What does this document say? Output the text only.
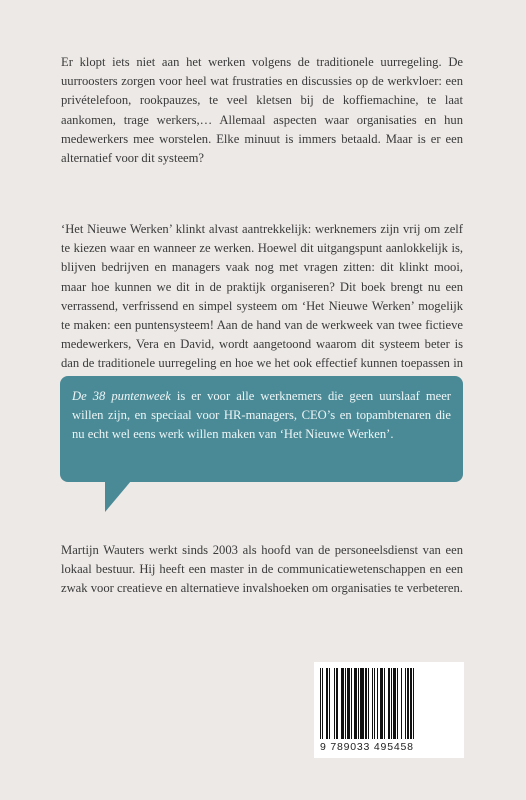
Er klopt iets niet aan het werken volgens de traditionele uurregeling. De uurroosters zorgen voor heel wat frustraties en discussies op de werkvloer: een privételefoon, rookpauzes, te veel kletsen bij de koffiemachine, te laat aankomen, trage werkers,… Allemaal aspecten waar organisaties en hun medewerkers mee worstelen. Elke minuut is immers betaald. Maar is er een alternatief voor dit systeem?

‘Het Nieuwe Werken’ klinkt alvast aantrekkelijk: werknemers zijn vrij om zelf te kiezen waar en wanneer ze werken. Hoewel dit uitgangspunt aanlokkelijk is, blijven bedrijven en managers vaak nog met vragen zitten: dit klinkt mooi, maar hoe kunnen we dit in de praktijk organiseren? Dit boek brengt nu een verrassend, verfrissend en simpel systeem om ‘Het Nieuwe Werken’ mogelijk te maken: een puntensysteem! Aan de hand van de werkweek van twee fictieve medewerkers, Vera en David, wordt aangetoond waarom dit systeem beter is dan de traditionele uurregeling en hoe we het ook effectief kunnen toepassen in

De 38 puntenweek is er voor alle werknemers die geen uurslaaf meer willen zijn, en speciaal voor HR-managers, CEO’s en topambtenaren die nu echt wel eens werk willen maken van ‘Het Nieuwe Werken’.

Martijn Wauters werkt sinds 2003 als hoofd van de personeelsdienst van een lokaal bestuur. Hij heeft een master in de communicatiewetenschappen en een zwak voor creatieve en alternatieve invalshoeken om organisaties te verbeteren.

9 789033 495458
